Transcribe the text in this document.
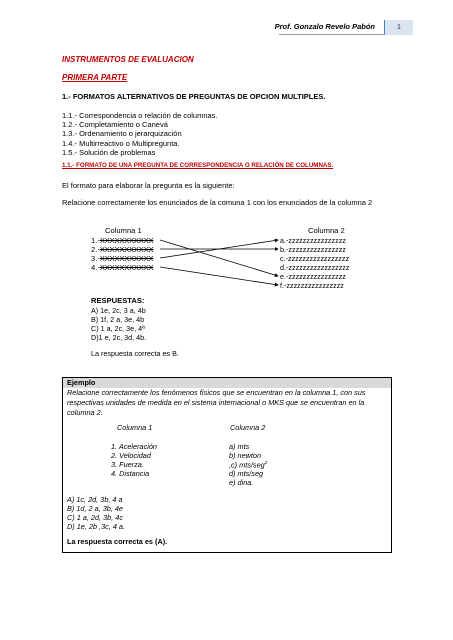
Prof. Gonzalo Revelo Pabón	1
INSTRUMENTOS DE EVALUACION
PRIMERA PARTE
1.- FORMATOS ALTERNATIVOS DE PREGUNTAS DE OPCION MULTIPLES.
1.1.- Correspondencia o relación de columnas.
1.2.- Completamiento o Canevá
1.3.- Ordenamiento o jerarquización
1.4.- Multirreactivo o Multipregunta.
1.5.- Solución de problemas
1.1.- FORMATO DE UNA PREGUNTA DE CORRESPONDENCIA O RELACIÓN DE COLUMNAS.
El formato para elaborar la pregunta es la siguiente:
Relacione correctamente los enunciados de la comuna 1 con los enunciados de la columna 2
Columna 1	Columna 2
1.-XXXXXXXXXXX
2.-XXXXXXXXXXX
3.-XXXXXXXXXXX
4.-XXXXXXXXXXX
a.-zzzzzzzzzzzzzzzz
b.-zzzzzzzzzzzzzzzz
c.-zzzzzzzzzzzzzzzzz
d.-zzzzzzzzzzzzzzzzz
e.-zzzzzzzzzzzzzzzz
f.-zzzzzzzzzzzzzzzz
RESPUESTAS:
A) 1e, 2c, 3 a, 4b
B) 1f, 2 a, 3e, 4b
C) 1 a, 2c, 3e, 4ª
D)1 e, 2c, 3d, 4b.
La respuesta correcta es B.
Ejemplo
Relacione correctamente los fenómenos físicos que se encuentran en la columna 1, con sus respectivas unidades de medida en el sistema internacional o MKS que se encuentran en la columna 2.
Columna 1	Columna 2
1. Aceleración
2. Velocidad
3. Fuerza.
4. Distancia
a) mts
b) newton
,c) mts/seg$^2$
d) mts/seg
e) dina.
A) 1c, 2d, 3b, 4 a
B) 1d, 2 a, 3b, 4e
C) 1 a, 2d, 3b, 4c
D) 1e, 2b ,3c, 4 a.
La respuesta correcta es (A).
